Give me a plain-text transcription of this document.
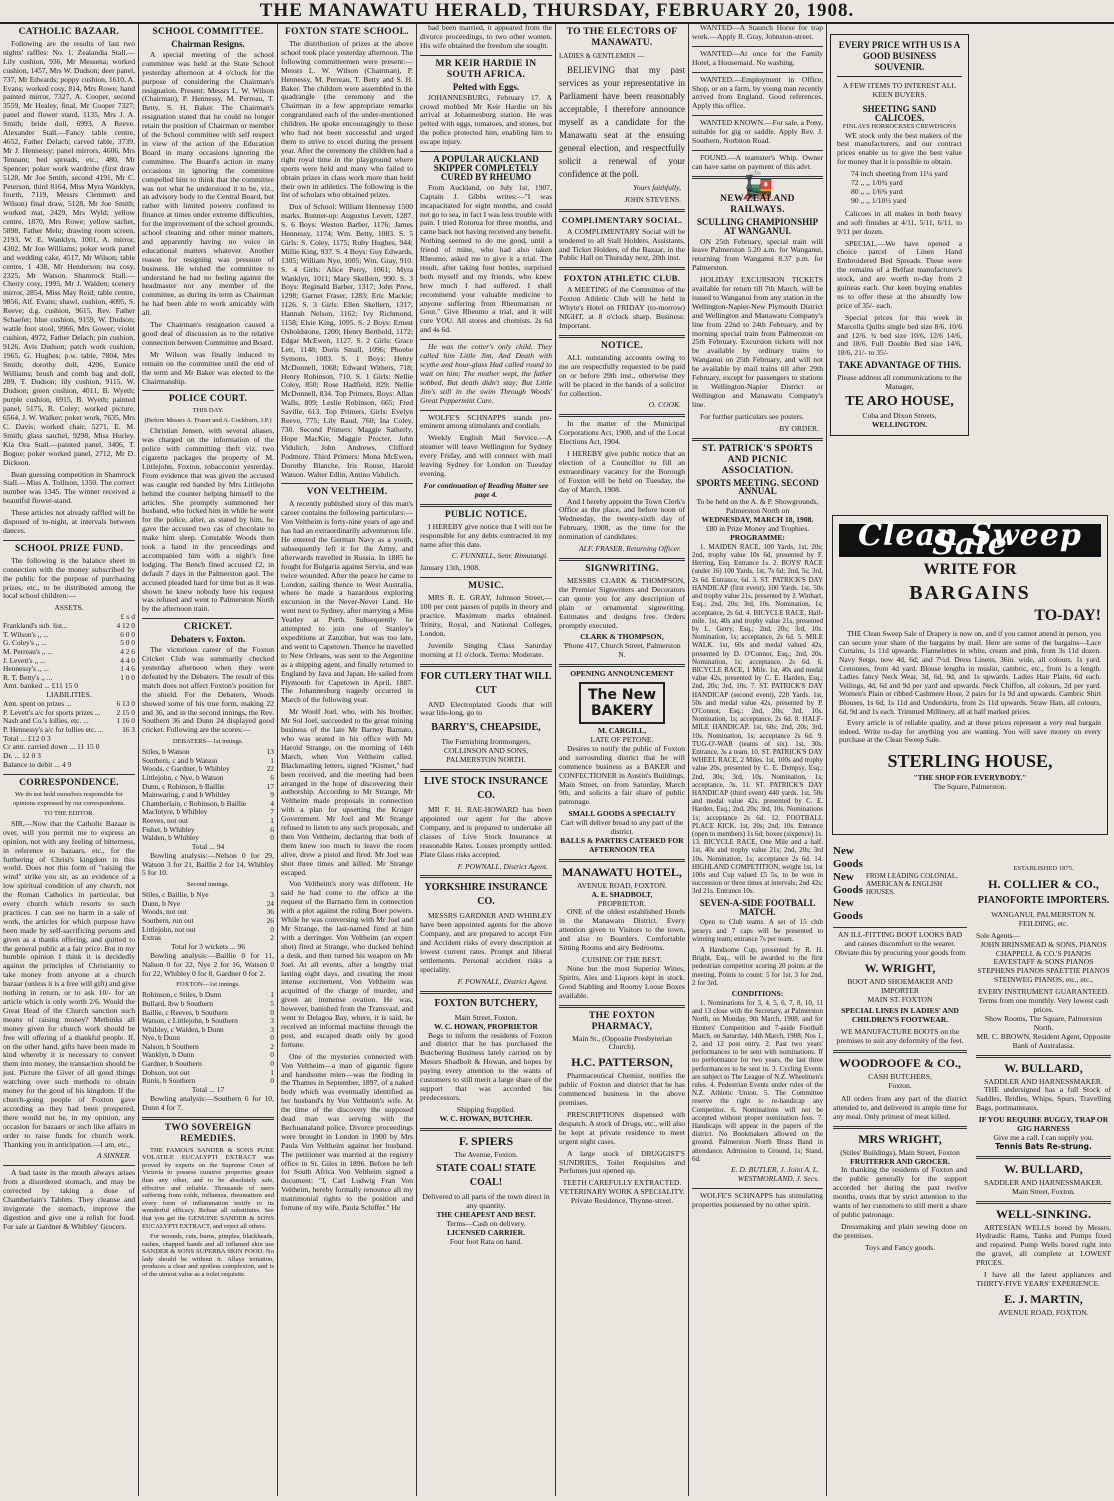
THE MANAWATU HERALD, THURSDAY, FEBRUARY 20, 1908.
CATHOLIC BAZAAR.

Following are the results of last two nights' raffles: No. 1. Zealandia Stall.—Lily cushion, 936, Mr Messena; worked cushion, 1457, Mrs W. Dudson; deer panel, 737, Mr Edwards; poppy cushion, 1610, A. Evans; worked cosy, 814, Mrs Rowe; hand painted mirror, 7327, A. Cooper, second 3559, Mr Healey, final, Mr Cooper 7327; panel and flower stand, 1135, Mrs J. A. Smith; bride doll, 6993, A Reeve. Alexander Stall.—Fancy table centre, 4652, Father Delach; carved table, 3739, Mr J. Hennessy; panel mirrors, 4606, Mrs Tennant; bed spreads, etc., 480, Mr Spencer; poker work wardrobe (first draw 5128, Mr Joe Smith, second 4191, Mr C. Peterson, third 8164, Miss Myra Wanklyn, fourth, 7119, Messrs Clemmett and Wilson) final draw, 5128, Mr Joe Smith; worked mat, 2429, Mrs Wyld; yellow centre, 1870, Mrs Rowe; yellow sachet, 5898, Father Melu; drawing room screen, 2193, W. E. Wanklyn, 1001, A. mirror, 4302, Mr Joe Williams; poker work panel and wedding cake, 4517, Mr Wilson; table centre, 1 438, Mr Henderson; tea cosy, 2325, Mr Watson. Shamrock Stall.—Cherry cosy, 1995, Mr J. Walden; scenery mirror, 2854, Miss May Reid; table centre, 9856, Alf. Evans; shawl, cushion, 4095, S. Reeve; d.g. cushion, 9615, Rev. Father Schaefer; blue cushion, 9159, W. Dudson; wattle foot stool, 9966, Mrs Gower; violet cushion, 4972, Father Delach; pin cushion, 9126, Avis Dudson; patch work cushion, 1965, G. Hughes; p.w. table, 7804, Mrs Smith; dorothy doll, 4206, Eunice Williams; brush and comb bag and doll, 289, T. Dudson; lily cushion, 9115, W. Dudson; green cushion, 4011, B. Wyeth; purple cushion, 6915, B. Wyeth; painted panel, 5175, R. Coley; worked picture, 6564, J. W. Walker; poker work, 7635, Mrs C. Davis; worked chair, 5271, E. M. Smith; glass satchel, 9298, Miss Hurley. Kia Ora Stall.—painted panel, 3406, T. Bogue; poker worked panel, 2712, Mr D. Dickson.

Bean guessing competition in Shamrock Stall.—Miss A. Tollison, 1350. The correct number was 1345. The winner received a beautiful flower-stand.

These articles not already raffled will be disposed of to-night, at intervals between dances.

SCHOOL PRIZE FUND.

The following is the balance sheet in connection with the money subscribed by the public for the purpose of purchasing prizes, etc., to be distributed among the local school children:—

ASSETS.
£ s d
Frankland's sub. list...	4 12 0
T. Wilson's ,, ...	6 0 0
G. Coley's ,, ...	5 0 0
M. Perreau's ,, ...	4 2 6
J. Levett's ,, ...	4 4 0
Hennessy's ,, ...	1 4 6
R. T. Betty's ,, ...	1 0 0
Amt. banked ... £11 15 0
LIABILITIES.
Amt. spent on prizes ...	6 13 0
P. Levett's a/c for sports prizes ...	2 15 0
Nash and Co.'s lollies, etc. ...	1 16 0
P. Hennessy's a/c for lollies etc. ...	16 3
Total ... £12 0 3
Cr amt. carried down ... 11 15 0
Dr. ... 12 0 3
Balance to debit ... 4 9
CORRESPONDENCE.
We do not hold ourselves responsible for opinions expressed by our correspondents.
TO THE EDITOR.

SIR,—Now that the Catholic Bazaar is over, will you permit me to express an opinion, not with any feeling of bitterness, in reference to bazaars, etc., for the furthering of Christ's kingdom in this world. Does not this form of "raising the wind" strike you sir, as an evidence of a low spiritual condition of any church, not the Roman Catholics in particular, but every church which resorts to such practices. I can see no harm in a sale of work, the articles for which purpose have been made by self-sacrificing persons and given as a thanks offering, and quitted to the general public at a fair price. But in my humble opinion I think it is decidedly against the principles of Christianity to take money from anyone at a church bazaar (unless it is a free will gift) and give nothing in return, or to ask 10/- for an article which is only worth 2/6. Would the Great Head of the Church sanction such means of raising money? Methinks all money given for church work should be free will offering of a thankful people. If, on the other hand, gifts have been made in kind whereby it is necessary to convert them into money, the transaction should be just. Picture the Giver of all good things watching over such methods to obtain money for the good of his kingdom. If the church-going people of Foxton gave according as they had been prospered, there would not be, in my opinion, any occasion for bazaars or such like affairs in order to raise funds for church work. Thanking you in anticipation.—I am, etc.,

A SINNER.

A bad taste in the mouth always arises from a disordered stomach, and may be corrected by taking a dose of Chamberlain's Tablets. They cleanse and invigorate the stomach, improve the digestion and give one a relish for food. For sale at Gardner & Whibley' Grocers.

SCHOOL COMMITTEE.
Chairman Resigns.

A special meeting of the school committee was held at the State School yesterday afternoon at 4 o'clock for the purpose of considering the Chairman's resignation. Present: Messrs L. W. Wilson (Chairman), P. Hennessy, M. Perreau, T. Betty, S. H. Baker. The Chairman's resignation stated that he could no longer retain the position of Chairman or member of the School committee with self respect in view of the action of the Education Board in many occasions ignoring the committee. The Board's action in many occasions in ignoring the committee compelled him to think that the committee was not what he understood it to be, viz., an advisory body to the Central Board, but rather with limited powers confined to finance at times under extreme difficulties, for the improvement of the school grounds, school cleaning and other minor matters, and apparently having no voice in educational matters whatever. Another reason for resigning was pressure of business. He wished the committee to understand he had no feeling against the headmaster nor any member of the committee, as during its term as Chairman he had been able to work amicably with all.

The Chairman's resignation caused a good deal of discussion as to the relative connection between Committee and Board.

Mr Wilson was finally induced to remain on the committee until the end of the term and Mr Baker was elected to the Chairmanship.

POLICE COURT.
THIS DAY.
(Before Messrs A. Fraser and A. Cockburn, J.P.)

Christian Jensen, with several aliases, was charged on the information of the police with committing theft viz. two cigarette packages the property of M. Littlejohn, Foxton, tobacconist yesterday. From evidence that was given the accused was caught red handed by Mrs Littlejohn behind the counter helping himself to the articles. She promptly summoned her husband, who locked him in while he went for the police, after, as stated by him, he gave the accused two cas of chocolate to make him sleep. Constable Woods then took a hand in the proceedings and accompanied him with a night's free lodging. The Bench fined accused £2, in default 7 days in the Palmerston gaol. The accused pleaded hard for time but as it was shown he knew nobody here his request was refused and went to Palmerston North by the afternoon train.

CRICKET.
Debaters v. Foxton.

The victorious career of the Foxton Cricket Club was summarily checked yesterday afternoon when they were defeated by the Debaters. The result of this match does not affect Foxton's position for the shield. For the Debaters, Woods showed some of his true form, making 22 and 36, and in the second innings, the Rev. Southern 36 and Dunn 24 displayed good cricket. Following are the scores:—

DEBATERS—1st innings.
Stiles, b Watson	13
Southern, c and b Watson	1
Woods, c Gardner, b Whibley	22
Littlejohn, c Nye, b Watson	6
Dunn, c Robinson, b Baillie	17
Mainwaring, c and b Whibley	9
Chamberlain, c Robinson, b Baillie	4
MacIntyre, b Whibley	7
Reeves, not out	1
Fisher, b Whibley	6
Walden, b Whibley	0
Total ... 94

Bowling analysis:—Nelson 0 for 29, Watson 3 for 21, Baillie 2 for 14, Whibley 5 for 10.

Second innings.
Stiles, c Baillie, b Nye	3
Dunn, b Nye	24
Woods, not out	36
Southern, run out	26
Littlejohn, not out	0
Extras	2
Total for 3 wickets ... 96

Bowling analysis:—Baillie 0 for 11, Nalson 0 for 22, Nye 2 for 16, Watson 0 for 22, Whibley 0 for 8, Gardner 0 for 2.

FOXTON—1st innings.
Robinson, c Stiles, b Dunn	1
Bullard, lbw b Southern	5
Baillie, c Reeves, b Southern	0
Watson, c Littlejohn, b Southern	3
Whibley, c Walden, b Dunn	3
Nye, b Dunn	0
Nalson, b Southern	2
Wanklyn, b Dunn	0
Gardner, b Southern	0
Dobson, not out	1
Runis, b Southern	0
Total ... 17

Bowling analysis:—Southern 6 for 10, Dunn 4 for 7.

TWO SOVEREIGN REMEDIES.

THE FAMOUS SANDER & SONS PURE VOLATILE EUCALYPTI EXTRACT was proved by experts on the Supreme Court of Victoria to possess curative properties greater than any other, and to be absolutely safe, effective and reliable. Thousands of users suffering from colds, influenza, rheumatism and every form of inflammation testify to its wonderful efficacy. Refuse all substitutes. See that you get the GENUINE SANDER & SONS EUCALYPTI EXTRACT, and reject all others.

For wounds, cuts, burns, pimples, blackheads, rashes, chapped hands and all inflamed skin use SANDER & SONS SUPERBA SKIN FOOD. No lady should be without it. Allays irritation, produces a clear and spotless complexion, and is of the utmost value as a toilet requisite.

FOXTON STATE SCHOOL.

The distribution of prizes at the above school took place yesterday afternoon. The following committeemen were present:—Messrs L. W. Wilson (Chairman), P. Hennessy, M. Perreau, T. Betty and S. H. Baker. The children were assembled in the quadrangle (the ceremony and the Chairman in a few appropriate remarks congratulated each of the under-mentioned children. He spoke encouragingly to those who had not been successful and urged them to strive to excel during the present year. After the ceremony the children had a right royal time in the playground where sports were held and many who failed to obtain prizes in class work more than held their own in athletics. The following is the list of scholars who obtained prizes.

Dux of School: William Hennessy 1500 marks. Runner-up: Augustus Levett, 1287. S. 6 Boys: Weston Barber, 1176; James Hennessy, 1174; Wm. Betty, 1083. S. 5 Girls: S. Coley, 1175; Ruby Hughes, 944; Millie King, 937. S. 4 Boys: Guy Edwards, 1305; William Nye, 1005; Wm. Gray, 910. S. 4 Girls: Alice Perry, 1061; Myra Wanklyn, 1011; Mary Skellern, 990. S. 3 Boys: Reginald Barber, 1317; John Prew, 1298; Garnet Fraser, 1283; Eric Mackie; 1126. S. 3 Girls: Ellen Skellern, 1317; Hannah Nelson, 1162; Ivy Richmond, 1158; Elsie King, 1095. S. 2 Boys: Ernest Osboldstone, 1200; Henry Berthold, 1172; Edgar McEwen, 1127. S. 2 Girls: Grace Lett, 1148; Doris Small, 1096; Phoebe Symons, 1083. S. 1 Boys: Henry McDonnell, 1068; Edward Withers, 718; Henry Robinson, 710. S. 1 Girls: Nellie Coley, 850; Rose Hadfield, 829; Nellie McDonnell, 834. Top Primers, Boys: Allan Walls, 809; Leslie Robinson, 665; Fred Saville, 613. Top Primers, Girls: Evelyn Reeve, 775; Lily Raud, 760; Ina Coley, 730. Second Primers: Maggie Satherly, Hope MacKie, Maggie Procter, John Vidulich, John Andrews, Clifford Podmore. Third Primers: Mona McEwen, Dorothy Blanche, Iris Rouse, Harold Watson. Walter Edlin, Antino Vidulich.

VON VELTHEIM.

A recently published story of this man's career contains the following particulars:—Von Veltheim is forty-nine years of age and has had an extraordinarily adventurous life. He entered the German Navy as a youth, subsequently left it for the Army, and afterwards travelled in Russia. In 1885 he fought for Bulgaria against Servia, and was twice wounded. After the peace he came to London, sailing thence to West Australia, where he made a hazardous exploring excursion in the Never-Never Land. He went next to Sydney, after marrying a Miss Yeatley at Perth. Subsequently he attempted to join one of Stanley's expeditions at Zanzibar, but was too late, and went to Capetown. Thence he travelled to New Orleans, was sent to the Argentine as a shipping agent, and finally returned to England by Java and Japan. He sailed from Plymouth for Capetown in April, 1887. The Johannesburg tragedy occurred in March of the following year.

Mr Woolf Joel, who, with his brother, Mr Sol Joel, succeeded to the great mining business of the late Mr Barney Barnato, who was seated in his office with Mr Harold Strange, on the morning of 14th March, when Von Veltheim called. Blackmailing letters, signed "Kismet," had been received, and the meeting had been arranged in the hope of discovering their authorship. According to Mr Strange, Mr Veltheim made proposals in connection with a plan for upsetting the Kruger Government. Mr Joel and Mr Strange refused to listen to any such proposals, and then Von Veltheim, declaring that both of them knew too much to leave the room alive, drew a pistol and fired. Mr Joel was shot three times and killed. Mr Strange escaped.

Von Veltheim's story was different. He said he had come to the office at the request of the Barnarto firm in connection with a plot against the ruling Boer powers. While he was conversing with Mr Joel and Mr Strange, the last-named fired at him with a derringer. Von Veltheim (an expert shot) fired at Strange, who ducked behind a desk, and then turned his weapon on Mr Joel. At all events, after a lengthy trial lasting eight days, and creating the most intense excitement, Von Veltheim was acquitted of the charge of murder, and given an immense ovation. He was, however, banished from the Transvaal, and went to Delagoa Bay, where, it is said, he received an informal machine through the post, and escaped death only by good fortune.

One of the mysteries connected with Von Veltheim—a man of gigantic figure and handsome mien—was the finding in the Thames in September, 1897, of a naked body which was eventually identified as her husband's by Von Veltheim's wife. At the time of the discovery the supposed dead man was serving with the Bechuanaland police. Divorce proceedings were brought in London in 1900 by Mrs Paula Von Veltheim against her husband. The petitioner was married at the registry office in St. Giles in 1896. Before he left for South Africa Von Veltheim signed a document: "I, Carl Ludwig Fran Von Veltheim, hereby formally renounce all my matrimonial rights to the position and fortune of my wife, Paula Schiffer." He

had been married, it appeared from the divorce proceedings, to two other women. His wife obtained the freedom she sought.

MR KEIR HARDIE IN SOUTH AFRICA.
Pelted with Eggs.

JOHANNESBURG, February 17. A crowd mobbed Mr Keir Hardie on his arrival at Johannesburg station. He was pelted with eggs, tomatoes, and stones, but the police protected him, enabling him to escape injury.

A POPULAR AUCKLAND SKIPPER COMPLETELY CURED BY RHEUMO

From Auckland, on July 1st, 1907, Captain J. Gibbs writes:—"I was incapacitated for eight months, and could not go to sea, in fact I was less trouble with pain. I tried Rotorua for three months, and came back not having received any benefit. Nothing seemed to do me good, until a friend of mine, who had also taken Rheumo, asked me to give it a trial. The result, after taking four bottles, surprised both myself and my friends, who knew how much I had suffered. I shall recommend your valuable medicine to anyone suffering from Rheumatism or Gout." Give Rheumo a trial, and it will cure YOU. All stores and chemists. 2s 6d and 4s 6d.

He was the cotter's only child, They called him Little Jim, And Death with scythe and hour-glass Had called round to wait on him; The mother wept, the father sobbed, But death didn't stay; But Little Jim's still in the swim Through Woods' Great Peppermint Cure.

WOLFE'S SCHNAPPS stands pre-eminent among stimulants and cordials.

Weekly English Mail Service.—A steamer will leave Wellington for Sydney every Friday, and will connect with mail leaving Sydney for London on Tuesday evening.

For continuation of Reading Matter see page 4.
PUBLIC NOTICE.

I HEREBY give notice that I will not be responsible for any debts contracted in my name after this date.

C. FUNNELL, Senr. Rimutangi.
January 13th, 1908.
MUSIC.

MRS R. E. GRAY, Johnson Street,—100 per cent passes of pupils in theory and practice. Maximum marks obtained. Trinity, Royal, and National Colleges, London.

Juvenile Singing Class Saturday morning at 11 o'clock. Terms: Moderate.

FOR CUTLERY THAT WILL CUT

AND Electroplated Goods that will wear life-long, go to

BARRY'S, CHEAPSIDE,
The Furnishing Ironmongers, COLLINSON AND SONS, PALMERSTON NORTH.
LIVE STOCK INSURANCE CO.

MR F. H. RAE-HOWARD has been appointed our agent for the above Company, and is prepared to undertake all classes of Live Stock Insurance at reasonable Rates. Losses promptly settled. Plate Glass risks accepted.

F. POWNALL, District Agent.
YORKSHIRE INSURANCE CO.

MESSRS GARDNER AND WHIBLEY have been appointed agents for the above Company, and are prepared to accept Fire and Accident risks of every description at lowest current rates. Prompt and liberal settlements. Personal accident risks a speciality.

F. POWNALL, District Agent.
FOXTON BUTCHERY,
Main Street, Foxton.
W. C. HOWAN, PROPRIETOR

Begs to inform the residents of Foxton and district that he has purchased the Butchering Business lately carried on by Messrs Shadbolt & Howan, and hopes by paying every attention to the wants of customers to still merit a large share of the support that was accorded his predecessors.

Shipping Supplied.
W. C. HOWAN, BUTCHER.
F. SPIERS
The Avenue, Foxton.
STATE COAL! STATE COAL!
Delivered to all parts of the town direct in any quantity.
THE CHEAPEST AND BEST.
Terms—Cash on delivery.
LICENSED CARRIER.
Four foot Rata on hand.
TO THE ELECTORS OF MANAWATU.
LADIES & GENTLEMEN —

BELIEVING that my past services as your representative in Parliament have been reasonably acceptable, I therefore announce myself as a candidate for the Manawatu seat at the ensuing general election, and respectfully solicit a renewal of your confidence at the poll.

Yours faithfully,
JOHN STEVENS.
COMPLIMENTARY SOCIAL.

A COMPLIMENTARY Social will be tendered to all Stall Holders, Assistants, and Ticket Holders, of the Bazaar, in the Public Hall on Thursday next, 20th inst.

FOXTON ATHLETIC CLUB.

A MEETING of the Committee of the Foxton Athletic Club will be held in Whyte's Hotel on FRIDAY (to-morrow) NIGHT, at 8 o'clock sharp. Business: Important.

NOTICE.

ALL outstanding accounts owing to me are respectfully requested to be paid on or before 29th inst., otherwise they will be placed in the hands of a solicitor for collection.

O. COOK.

In the matter of the Municipal Corporations Act, 1900, and of the Local Elections Act, 1904.

I HEREBY give public notice that an election of a Councillor to fill an extraordinary vacancy for the Borough of Foxton will be held on Tuesday, the day of March, 1908.

And I hereby appoint the Town Clerk's Office as the place, and before noon of Wednesday, the twenty-sixth day of February, 1908, as the time for the nomination of candidates.

ALF. FRASER, Returning Officer.
SIGNWRITING.

MESSRS CLARK & THOMPSON, the Premier Signwriters and Decorators can quote you for any description of plain or ornamental signwriting. Estimates and designs free. Orders promptly executed.

CLARK & THOMPSON,
'Phone 417, Church Street, Palmerston N.
OPENING ANNOUNCEMENT
The New BAKERY
M. CARGILL,
LATE OF PETONE.

Desires to notify the public of Foxton and surrounding district that he will commence business as a BAKER and CONFECTIONER in Austin's Buildings, Main Street, on from Saturday, March 9th, and solicits a fair share of public patronage.

SMALL GOODS A SPECIALTY
Cart will deliver bread to any part of the district.
BALLS & PARTIES CATERED FOR
AFTERNOON TEA
MANAWATU HOTEL,
AVENUE ROAD, FOXTON.
A. E. SHADBOLT,
PROPRIETOR.

ONE of the oldest established Hotels in the Manawatu District. Every attention given to Visitors to the town, and also to Boarders. Comfortable Sitting Rooms and airy Bedrooms.

CUISINE OF THE BEST.

None but the most Superior Wines, Spirits, Ales and Liquors kept in stock. Good Stabling and Roomy Loose Boxes available.

THE FOXTON PHARMACY,
Main St., (Opposite Presbyterian Church).
H.C. PATTERSON,

Pharmaceutical Chemist, notifies the public of Foxton and district that he has commenced business in the above premises.

PRESCRIPTIONS dispensed with despatch. A stock of Drugs, etc., will also be kept at private residence to meet urgent night cases.

A large stock of DRUGGIST'S SUNDRIES, Toilet Requisites and Perfumes just opened up.

TEETH CAREFULLY EXTRACTED.
VETERINARY WORK A SPECIALITY.
Private Residence, Thynne-street.

WANTED—A Staunch Horse for trap work.—Apply R. Gray, Johnston-street.

WANTED—At once for the Family Hotel, a Housemaid. No washing.

WANTED.—Employment in Office, Shop, or on a farm, by young man recently arrived from England. Good references. Apply this office.

WANTED KNOWN.—For sale, a Pony, suitable for gig or saddle. Apply Rev. J. Southern, Norbiton Road.

FOUND.—A teamster's Whip. Owner can have same on payment of this advt.

🚂
NEW ZEALAND RAILWAYS.
SCULLING CHAMPIONSHIP AT WANGANUI.

ON 25th February, special train will leave Palmerston 5.20 a.m. for Wanganui, returning from Wanganui 8.37 p.m. for Palmerston.

HOLIDAY EXCURSION TICKETS available for return till 7th March, will be issued to Wanganui from any station in the Wellington-Napier-New Plymouth District and Wellington and Manawatu Company's line from 22nd to 24th February, and by morning special train from Palmerston on 25th February. Excursion tickets will not be available by ordinary trains to Wanganui on 25th February, and will not be available by mail trains till after 29th February, except for passengers to stations in Wellington-Napier District or Wellington and Manawatu Company's line.

For further particulars see posters.

BY ORDER.
ST. PATRICK'S SPORTS AND PICNIC ASSOCIATION.
SPORTS MEETING. SECOND ANNUAL
To be held on the A. & P. Showgrounds, Palmerston North on
WEDNESDAY, MARCH 18, 1908.
£80 in Prize Money and Trophies.
PROGRAMME:

1. MAIDEN RACE, 100 Yards, 1st, 20s; 2nd, trophy value 10s 6d, presented by F. Herring, Esq. Entrance 1s. 2. BOYS' RACE (under 16) 100 Yards, 1st, 7s 6d; 2nd, 5s; 3rd, 2s 6d. Entrance, 6d. 3. ST. PATRICK'S DAY HANDICAP (first event), 100 Yards. 1st, 50s and trophy value 21s, presented by J. Winhart, Esq.; 2nd, 20s; 3rd, 10s. Nomination, 1s; acceptance, 2s 6d. 4. BICYCLE RACE, Half-mile. 1st, 40s and trophy value 21s, presented by L. Gerry, Esq.; 2nd, 20s; 3rd, 10s. Nomination, 1s; acceptance, 2s 6d. 5. MILE WALK. 1st, 60s and medal valued 42s, presented by D. O'Connor, Esq.; 2nd, 20s. Nomination, 1s; acceptance, 2s 6d. 6. BICYCLE RACE, 1 Mile. 1st, 40s and medal value 42s, presented by C. E. Harden, Esq.; 2nd, 20s; 3rd, 10s. 7. ST. PATRICK'S DAY HANDICAP (second event), 220 Yards. 1st, 50s and medal value 42s, presented by P. O'Connor, Esq.; 2nd, 20s; 3rd, 10s. Nomination, 1s; acceptance, 2s 6d. 8. HALF-MILE HANDICAP. 1st, 60s; 2nd, 20s; 3rd, 10s. Nomination, 1s; acceptance 2s 6d. 9. TUG-O'-WAR (teams of six). 1st, 30s. Entrance, 3s a team. 10. ST. PATRICK'S DAY WHEEL RACE, 2 Miles. 1st, 100s and trophy value 20s, presented by C. E. Dempsy, Esq.; 2nd, 30s; 3rd, 10s. Nomination, 1s; acceptance, 3s. 11. ST. PATRICK'S DAY HANDICAP (third event) 440 yards. 1st, 50s and medal value 42s, presented by C. E. Harden, Esq.; 2nd, 20s; 3rd, 10s. Nominations 1s; acceptance 2s 6d. 12. FOOTBALL PLACE KICK. 1st, 20s; 2nd, 10s. Entrance (open to members) 1s 6d; boxes (sixpence) 1s. 13. BICYCLE RACE, One Mile and a half. 1st, 40s and trophy value 21s; 2nd, 20s; 3rd 10s. Nomination, 1s; acceptance 2s 6d. 14. HIGHLAND COMPETITION, weight 1st, 1st 100s and Cup valued £5 5s, to be won in succession or three times at intervals; 2nd 42s; 3rd 21s. Entrance 10s.

SEVEN-A-SIDE FOOTBALL MATCH.

Open to Club teams. A set of 15 club jerseys and 7 caps will be presented to winning team; entrance 7s per team.

A Handsome Cup, presented by R. H. Bright, Esq., will be awarded to the first pedestrian competitor scoring 20 points at the meeting. Points to count: 5 for 1st, 3 for 2nd, 2 for 3rd.

CONDITIONS:

1. Nominations for 3, 4, 5, 6, 7, 8, 10, 11 and 13 close with the Secretary, at Palmerston North, on Monday, 9th March, 1908, and for Hunters' Competition and 7-aside Football Match, on Saturday, 14th March, 1908; Nos 1, 2, and 12 post entry. 2. Past two years' performances to be sent with nominations. If no performance for two years, the last three performances to be sent in. 3. Cycling Events are subject to The League of N.Z. Wheelmen's rules. 4. Pedestrian Events under rules of the N.Z. Athletic Union. 5. The Committee reserve the right to re-handicap any Competitor. 6. Nominations will not be accepted without proper nomination fees. 7. Handicaps will appear in the papers of the district. No Bookmakers allowed on the ground. Palmerston North Brass Band in attendance. Admission to Ground, 1s; Stand, 6d.

E. D. BUTLER, J. Joint A. L. WESTMORLAND, J. Secs.

WOLFE'S SCHNAPPS has stimulating properties possessed by no other spirit.

EVERY PRICE WITH US IS A GOOD BUSINESS SOUVENIR.
A FEW ITEMS TO INTEREST ALL KEEN BUYERS.
SHEETING SAND CALICOES.
FINLAYS HORROCKSES CREWDSONS

WE stock only the best makers of the best manufacturers, and our contract prices enable us to give the best value for money that it is possible to obtain.

74 inch sheeting from 11¼ yard
72 ,, ,, 1/0¾ yard
80 ,, ,, 1/6¾ yard
90 ,, ,, 1/10½ yard

Calicoes in all makes in both heavy and soft finishes at 4/11, 5/11, 6/11, to 9/11 per dozen.

SPECIAL.—We have opened a choice parcel of Linen Hand Embroidered Bed Spreads. These were the remains of a Belfast manufacturer's stock, and are worth to-day from 2 guineas each. Our keen buying enables us to offer these at the absurdly low price of 35/- each.

Special prices for this week in Marcella Quilts single bed size 8/6, 10/6 and 12/6. ¾ bed size 10/6, 12/6 14/6, and 18/6. Full Double Bed size 14/6, 18/6, 21/- to 35/-

TAKE ADVANTAGE OF THIS.
Please address all communications to the Manager,
TE ARO HOUSE,
Cuba and Dixon Streets,
WELLINGTON.
ESTABLISHED 1875.
H. COLLIER & CO.,
PIANOFORTE IMPORTERS.
WANGANUI, PALMERSTON N. FEILDING, etc.
Sole Agents—
JOHN BRINSMEAD & SONS, PIANOS
CHAPPELL & CO.'S PIANOS EAVESTAFF & SONS PIANOS
STEPHENS PIANOS SPAETTIE PIANOS
STEINWEG PIANOS, etc., etc.,
EVERY INSTRUMENT GUARANTEED.
Terms from one monthly. Very lowest cash prices.
Show Rooms, The Square, Palmerston North.
MR. C. BROWN, Resident Agent, Opposite Bank of Australasia.
W. BULLARD,
SADDLER AND HARNESSMAKER.

THE undersigned has a full Stock of Saddles, Bridles, Whips, Spurs, Travelling Bags, portmanteaux.

IF YOU REQUIRE BUGGY, TRAP OR GIG HARNESS
Give me a call. I can supply you.
Tennis Bats Re-strung.
W. BULLARD,
SADDLER AND HARNESSMAKER.
Main Street, Foxton.
WELL-SINKING.

ARTESIAN WELLS bored by Messrs. Hydraulic Rams, Tanks and Pumps fixed and repaired. Pump Wells bored right into the gravel, all complete at LOWEST PRICES.

I have all the latest appliances and THIRTY-FIVE YEARS' EXPERIENCE.

E. J. MARTIN,
AVENUE ROAD, FOXTON.
Clean Sweep Sale
WRITE FOR
BARGAINS
TO-DAY!

THE Clean Sweep Sale of Drapery is now on, and if you cannot attend in person, you can secure your share of the bargains by mail. Here are some of the bargains—Lace Curtains, 1s 11d upwards. Flannelettes in white, cream and pink, from 3s 11d dozen. Navy Serge, now 4d, 6d, and 7½d. Dress Linens, 36in. wide, all colours. 1s yard. Cretonnes, from 4d yard. Blouse lengths in muslin, cambric, etc., from 1s a length. Ladies fancy Neck Wear, 3d, 6d, 9d, and 1s upwards. Ladies Hair Plaits, 6d each. Veilings, 4d, 6d and 9d per yard and upwards. Neck Chiffon, all colours, 2d per yard. Women's Plain or ribbed Cashmere Hose, 2 pairs for 1s 9d and upwards. Cambric Shirt Blouses, 1s 6d, 1s 11d and Underskirts, from 2s 11d upwards. Straw Hats, all colours, 6d, 9d and 1s each. Trimmed Millinery, all at half marked prices.

Every article is of reliable quality, and at these prices represent a very real bargain indeed. Write to-day for anything you are wanting. You will save money on every purchase at the Clean Sweep Sale.

STERLING HOUSE,
"THE SHOP FOR EVERYBODY."
The Square, Palmerston.
New Goods
New Goods
New Goods
FROM LEADING COLONIAL, AMERICAN & ENGLISH HOUSES.

AN ILL-FITTING BOOT LOOKS BAD and causes discomfort to the wearer. Obviate this by procuring your goods from

W. WRIGHT,
BOOT AND SHOEMAKER AND IMPORTER
MAIN ST. FOXTON
SPECIAL LINES IN LADIES' AND CHILDREN'S FOOTWEAR.

WE MANUFACTURE BOOTS on the premises to suit any deformity of the feet.

WOODROOFE & CO.,
CASH BUTCHERS,
Foxton.

All orders from any part of the district attended to, and delivered in ample time for any meal. Only primest of meat killed.

MRS WRIGHT,
(Stiles' Buildings), Main Street, Foxton
FRUITERER AND GROCER.

In thanking the residents of Foxton and the public generally for the support accorded her during the past twelve months, trusts that by strict attention to the wants of her customers to still merit a share of public patronage.

Dressmaking and plain sewing done on the premises.

Toys and Fancy goods.
